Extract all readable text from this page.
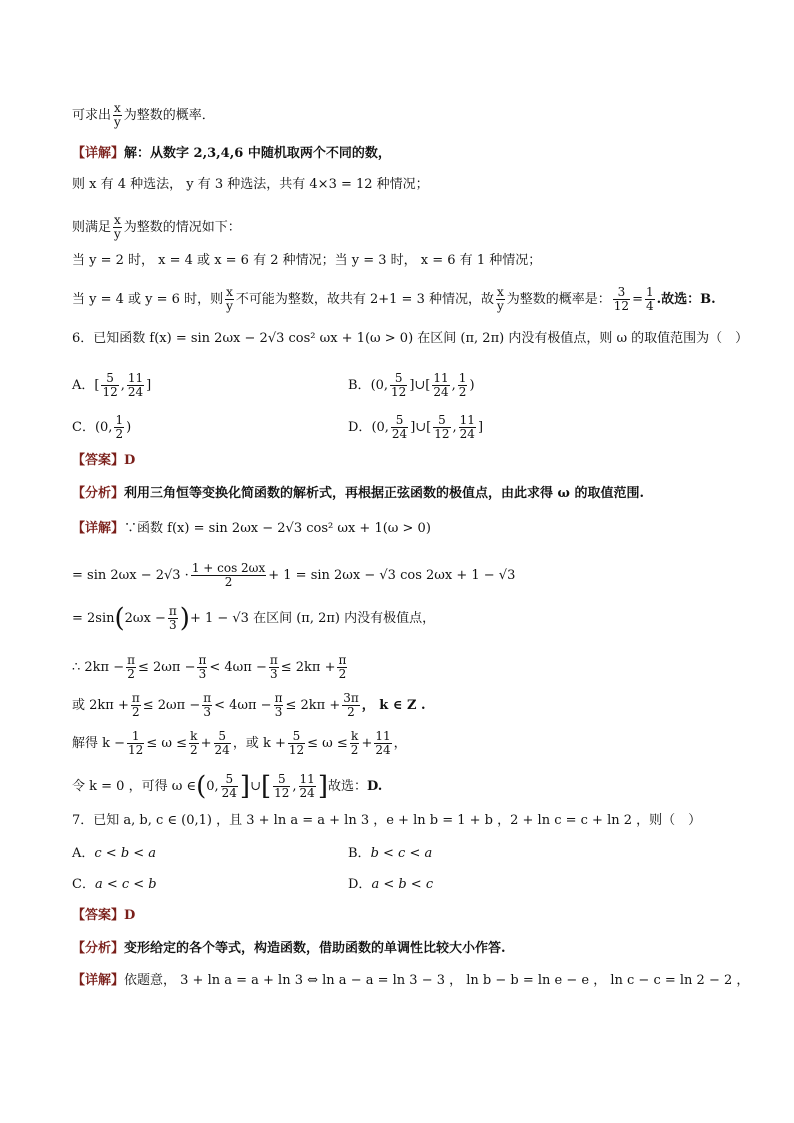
可求出 $\frac{x}{y}$ 为整数的概率．
【详解】解：从数字 2,3,4,6 中随机取两个不同的数，
则 x 有 4 种选法， y 有 3 种选法，共有 4×3 = 12 种情况；
则满足 $\frac{x}{y}$ 为整数的情况如下：
当 y = 2 时， x = 4 或 x = 6 有 2 种情况；当 y = 3 时， x = 6 有 1 种情况；
当 y = 4 或 y = 6 时，则 $\frac{x}{y}$ 不可能为整数，故共有 2+1 = 3 种情况，故 $\frac{x}{y}$ 为整数的概率是： $\frac{3}{12} = \frac{1}{4}$ .故选：B.
6．已知函数 f(x) = sin 2ωx − 2√3 cos² ωx + 1(ω > 0) 在区间 (π, 2π) 内没有极值点，则 ω 的取值范围为（　）
A．[ $\frac{5}{12}$ , $\frac{11}{24}$ ]	B．(0, $\frac{5}{12}$ ]∪[ $\frac{11}{24}$ , $\frac{1}{2}$ )
C．(0, $\frac{1}{2}$ )	D．(0, $\frac{5}{24}$ ]∪[ $\frac{5}{12}$ , $\frac{11}{24}$ ]
【答案】D
【分析】利用三角恒等变换化简函数的解析式，再根据正弦函数的极值点，由此求得 ω 的取值范围.
【详解】∵函数 f(x) = sin 2ωx − 2√3 cos² ωx + 1(ω > 0)
= $\sin 2\omega x - 2√3 \cdot \frac{1 + \cos 2\omega x}{2} + 1 = \sin 2\omega x - √3$ cos 2ωx + 1 − √3
= $2\sin(2\omega x - \frac{\pi}{3}$ )+ 1 − √3 在区间 (π, 2π) 内没有极值点，
∴ $2k\pi - \frac{\pi}{2} \le 2\omega\pi - \frac{\pi}{3} < 4\omega\pi - \frac{\pi}{3} \le 2k\pi + \frac{\pi}{2}$
或 $2k\pi + \frac{\pi}{2} \le 2\omega\pi - \frac{\pi}{3} < 4\omega\pi - \frac{\pi}{3} \le 2k\pi + \frac{3\pi}{2}$ ， k ∈ Z .
解得 $k - \frac{1}{12} \le \omega \le \frac{k}{2} + \frac{5}{24}$ ，或 $k + \frac{5}{12} \le \omega \le \frac{k}{2} + \frac{11}{24}$ ，
令 k = 0 ，可得 ω ∈(0, $\frac{5}{24}$ ]∪[ $\frac{5}{12}$ , $\frac{11}{24}$ ]故选：D.
7．已知 a, b, c ∈ (0,1) ，且 3 + ln a = a + ln 3 ，e + ln b = 1 + b ，2 + ln c = c + ln 2 ，则（　）
A．c < b < a	B．b < c < a
C．a < c < b	D．a < b < c
【答案】D
【分析】变形给定的各个等式，构造函数，借助函数的单调性比较大小作答.
【详解】依题意， 3 + ln a = a + ln 3 ⇔ ln a − a = ln 3 − 3 ， ln b − b = ln e − e ， ln c − c = ln 2 − 2 ，
